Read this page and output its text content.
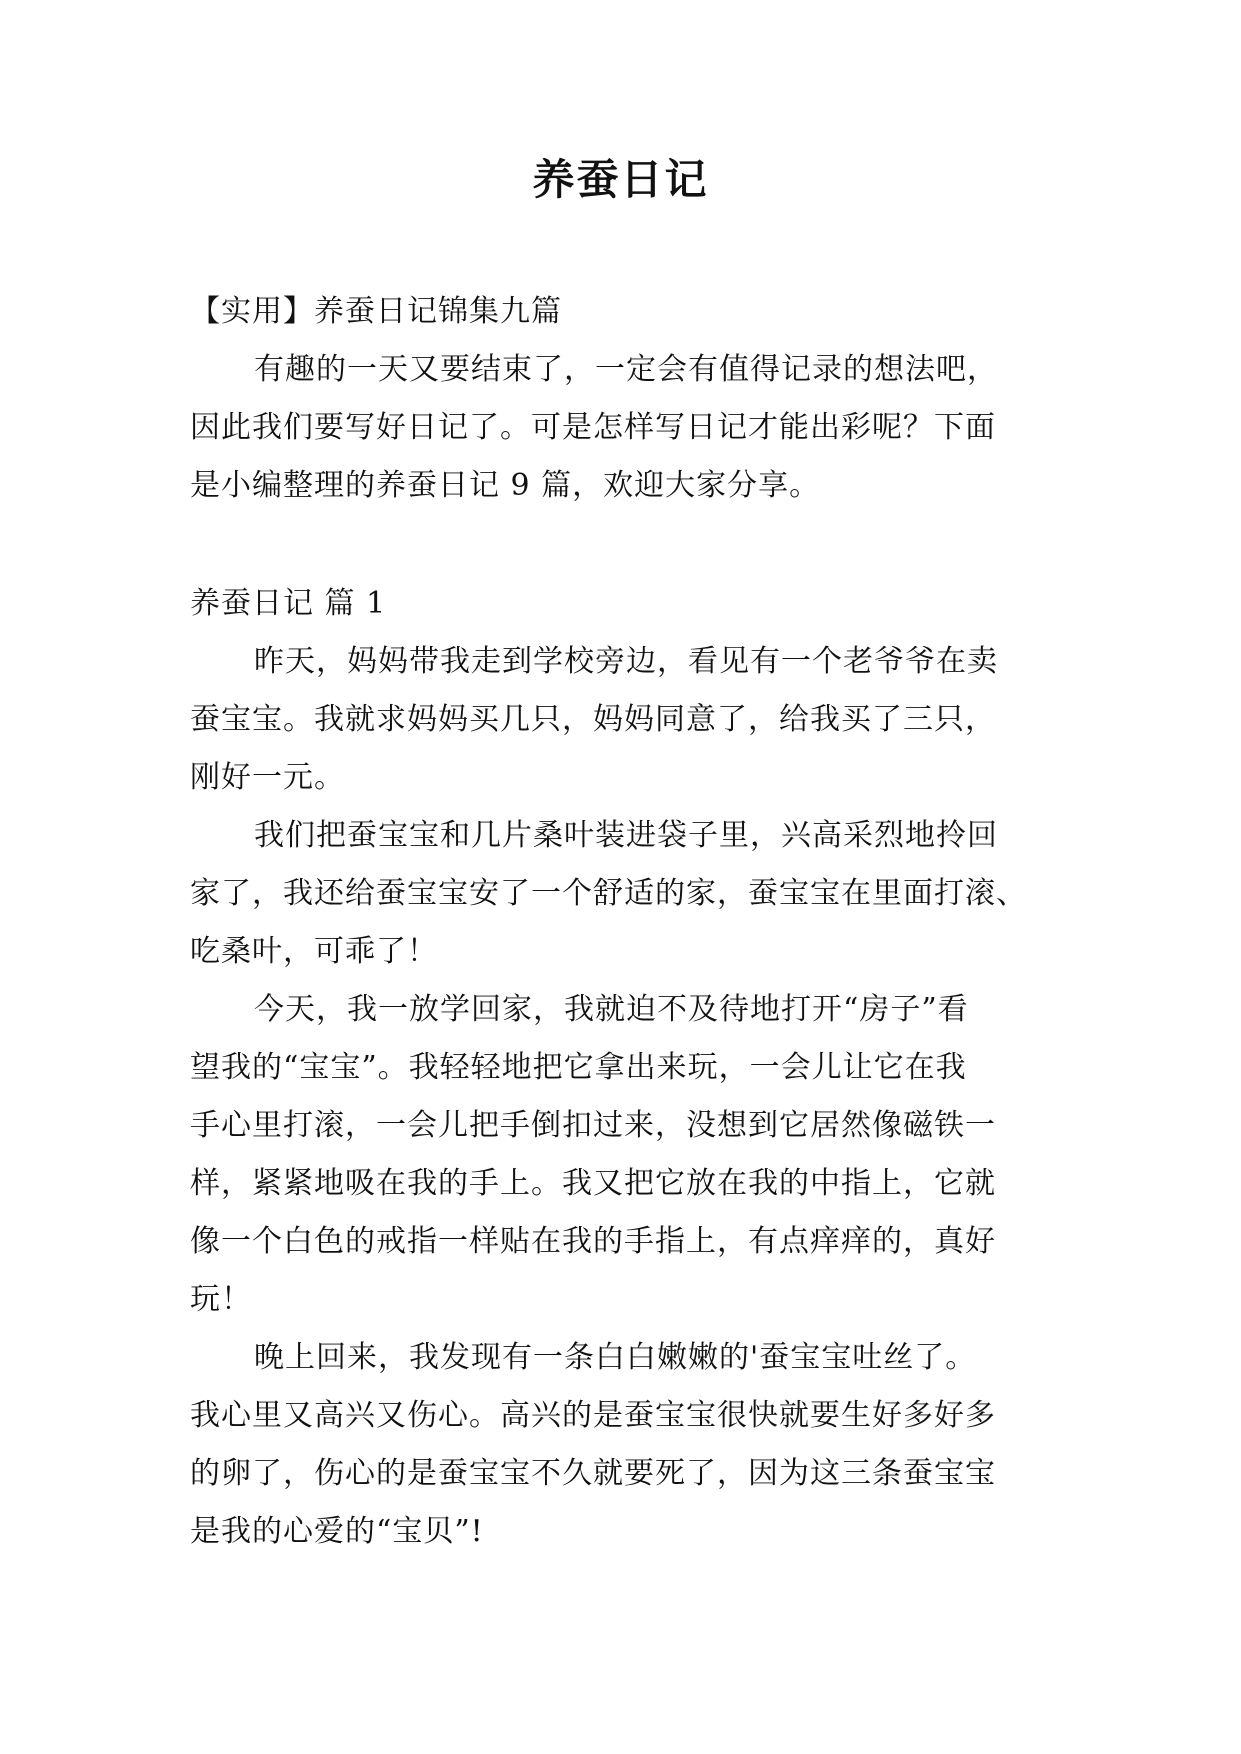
养蚕日记
【实用】养蚕日记锦集九篇
有趣的一天又要结束了，一定会有值得记录的想法吧，
因此我们要写好日记了。可是怎样写日记才能出彩呢？下面
是小编整理的养蚕日记 9 篇，欢迎大家分享。
养蚕日记 篇 1
昨天，妈妈带我走到学校旁边，看见有一个老爷爷在卖
蚕宝宝。我就求妈妈买几只，妈妈同意了，给我买了三只，
刚好一元。
我们把蚕宝宝和几片桑叶装进袋子里，兴高采烈地拎回
家了，我还给蚕宝宝安了一个舒适的家，蚕宝宝在里面打滚、
吃桑叶，可乖了！
今天，我一放学回家，我就迫不及待地打开“房子”看
望我的“宝宝”。我轻轻地把它拿出来玩，一会儿让它在我
手心里打滚，一会儿把手倒扣过来，没想到它居然像磁铁一
样，紧紧地吸在我的手上。我又把它放在我的中指上，它就
像一个白色的戒指一样贴在我的手指上，有点痒痒的，真好
玩！
晚上回来，我发现有一条白白嫩嫩的'蚕宝宝吐丝了。
我心里又高兴又伤心。高兴的是蚕宝宝很快就要生好多好多
的卵了，伤心的是蚕宝宝不久就要死了，因为这三条蚕宝宝
是我的心爱的“宝贝”!
